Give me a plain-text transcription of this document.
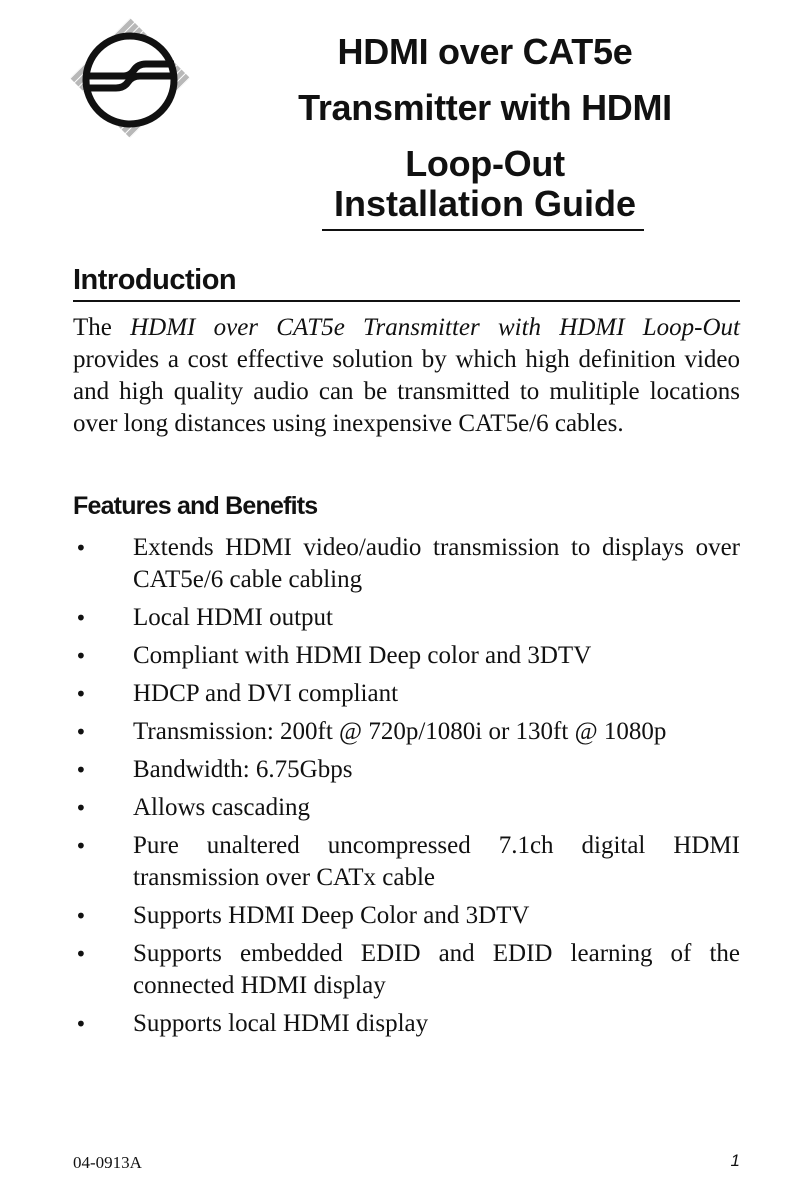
HDMI over CAT5e
Transmitter with HDMI
Loop-Out
Installation Guide
Introduction

The HDMI over CAT5e Transmitter with HDMI Loop-Out provides a cost effective solution by which high definition video and high quality audio can be transmitted to mulitiple locations over long distances using inexpensive CAT5e/6 cables.

Features and Benefits
• Extends HDMI video/audio transmission to displays over CAT5e/6 cable cabling
• Local HDMI output
• Compliant with HDMI Deep color and 3DTV
• HDCP and DVI compliant
• Transmission: 200ft @ 720p/1080i or 130ft @ 1080p
• Bandwidth: 6.75Gbps
• Allows cascading
• Pure unaltered uncompressed 7.1ch digital HDMI transmission over CATx cable
• Supports HDMI Deep Color and 3DTV
• Supports embedded EDID and EDID learning of the connected HDMI display
• Supports local HDMI display
04-0913A	1
